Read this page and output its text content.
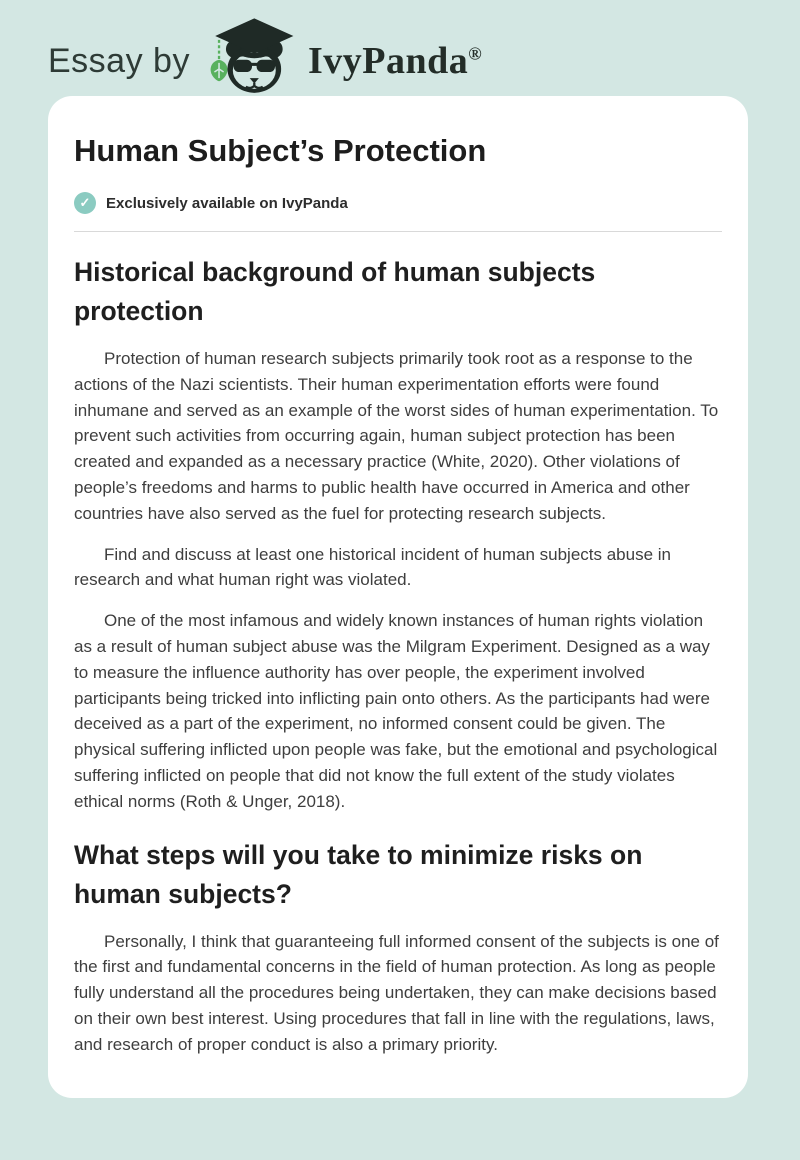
Essay by	IvyPanda®
Human Subject’s Protection
✓	Exclusively available on IvyPanda
Historical background of human subjects protection

Protection of human research subjects primarily took root as a response to the actions of the Nazi scientists. Their human experimentation efforts were found inhumane and served as an example of the worst sides of human experimentation. To prevent such activities from occurring again, human subject protection has been created and expanded as a necessary practice (White, 2020). Other violations of people’s freedoms and harms to public health have occurred in America and other countries have also served as the fuel for protecting research subjects.

Find and discuss at least one historical incident of human subjects abuse in research and what human right was violated.

One of the most infamous and widely known instances of human rights violation as a result of human subject abuse was the Milgram Experiment. Designed as a way to measure the influence authority has over people, the experiment involved participants being tricked into inflicting pain onto others. As the participants had were deceived as a part of the experiment, no informed consent could be given. The physical suffering inflicted upon people was fake, but the emotional and psychological suffering inflicted on people that did not know the full extent of the study violates ethical norms (Roth & Unger, 2018).

What steps will you take to minimize risks on human subjects?

Personally, I think that guaranteeing full informed consent of the subjects is one of the first and fundamental concerns in the field of human protection. As long as people fully understand all the procedures being undertaken, they can make decisions based on their own best interest. Using procedures that fall in line with the regulations, laws, and research of proper conduct is also a primary priority.
